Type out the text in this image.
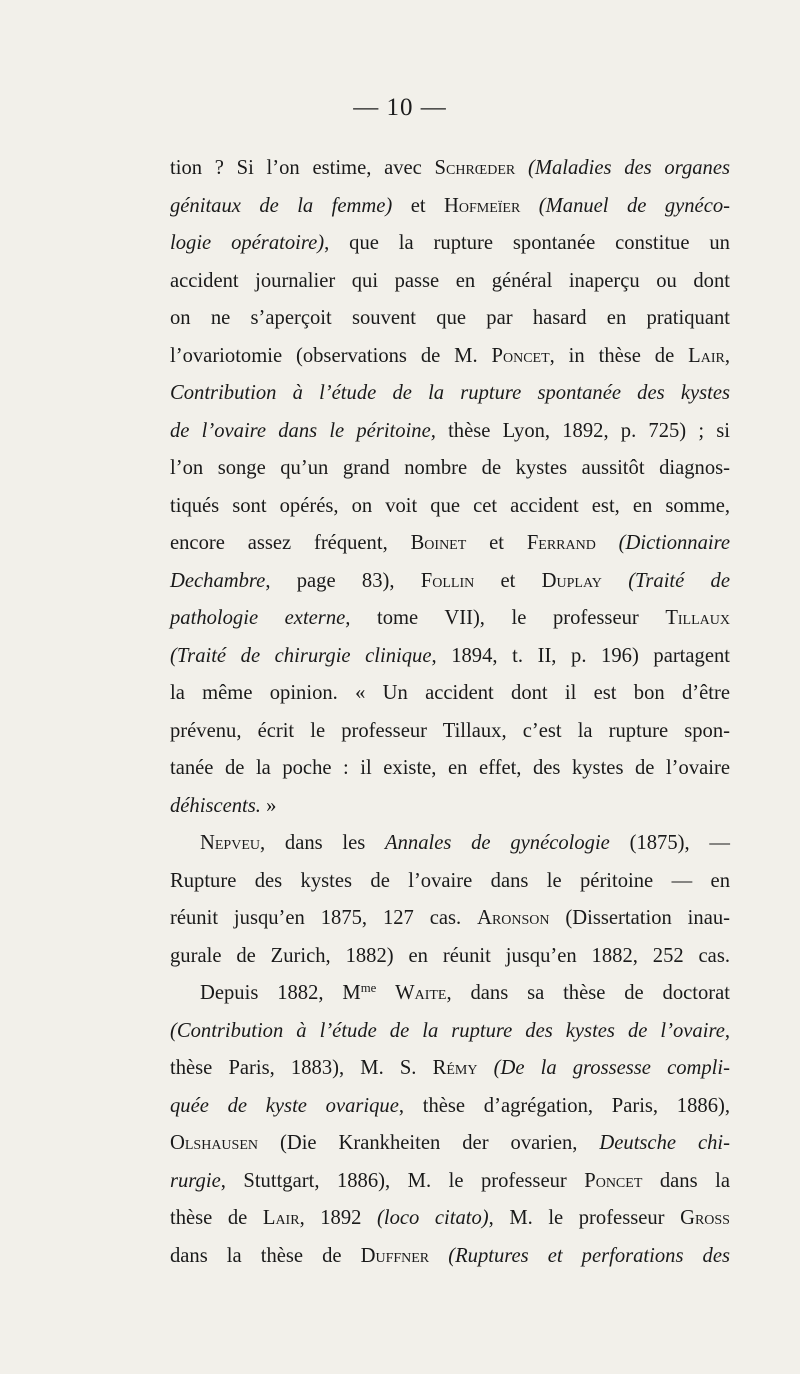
— 10 —
tion ? Si l’on estime, avec Schrœder (Maladies des organes
génitaux de la femme) et Hofmeïer (Manuel de gynéco-
logie opératoire), que la rupture spontanée constitue un
accident journalier qui passe en général inaperçu ou dont
on ne s’aperçoit souvent que par hasard en pratiquant
l’ovariotomie (observations de M. Poncet, in thèse de Lair,
Contribution à l’étude de la rupture spontanée des kystes
de l’ovaire dans le péritoine, thèse Lyon, 1892, p. 725) ; si
l’on songe qu’un grand nombre de kystes aussitôt diagnos-
tiqués sont opérés, on voit que cet accident est, en somme,
encore assez fréquent, Boinet et Ferrand (Dictionnaire
Dechambre, page 83), Follin et Duplay (Traité de
pathologie externe, tome VII), le professeur Tillaux
(Traité de chirurgie clinique, 1894, t. II, p. 196) partagent
la même opinion. « Un accident dont il est bon d’être
prévenu, écrit le professeur Tillaux, c’est la rupture spon-
tanée de la poche : il existe, en effet, des kystes de l’ovaire
déhiscents. »
Nepveu, dans les Annales de gynécologie (1875), —
Rupture des kystes de l’ovaire dans le péritoine — en
réunit jusqu’en 1875, 127 cas. Aronson (Dissertation inau-
gurale de Zurich, 1882) en réunit jusqu’en 1882, 252 cas.
Depuis 1882, $M^{me}$ Waite, dans sa thèse de doctorat
(Contribution à l’étude de la rupture des kystes de l’ovaire,
thèse Paris, 1883), M. S. Rémy (De la grossesse compli-
quée de kyste ovarique, thèse d’agrégation, Paris, 1886),
Olshausen (Die Krankheiten der ovarien, Deutsche chi-
rurgie, Stuttgart, 1886), M. le professeur Poncet dans la
thèse de Lair, 1892 (loco citato), M. le professeur Gross
dans la thèse de Duffner (Ruptures et perforations des
